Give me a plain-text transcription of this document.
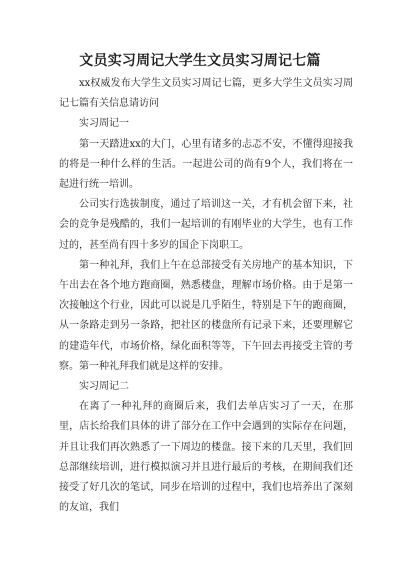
文员实习周记大学生文员实习周记七篇

xx权威发布大学生文员实习周记七篇，更多大学生文员实习周记七篇有关信息请访问

实习周记一

第一天踏进xx的大门，心里有诸多的忐忑不安，不懂得迎接我的将是一种什么样的生活。一起进公司的尚有9个人，我们将在一起进行统一培训。

公司实行选拔制度，通过了培训这一关，才有机会留下来，社会的竞争是残酷的，我们一起培训的有刚毕业的大学生，也有工作过的，甚至尚有四十多岁的国企下岗职工。

第一种礼拜，我们上午在总部接受有关房地产的基本知识，下午出去在各个地方跑商圈，熟悉楼盘，理解市场价格。由于是第一次接触这个行业，因此可以说是几乎陌生，特别是下午的跑商圈，从一条路走到另一条路，把社区的楼盘所有记录下来，还要理解它的建造年代，市场价格，绿化面积等等，下午回去再接受主管的考察。第一种礼拜我们就是这样的安排。

实习周记二

在离了一种礼拜的商圈后来，我们去单店实习了一天，在那里，店长给我们具体的讲了部分在工作中会遇到的实际存在问题，并且让我们再次熟悉了一下周边的楼盘。接下来的几天里，我们回总部继续培训，进行模拟演习并且进行最后的考核，在期间我们还接受了好几次的笔试，同步在培训的过程中，我们也培养出了深刻的友谊，我们
